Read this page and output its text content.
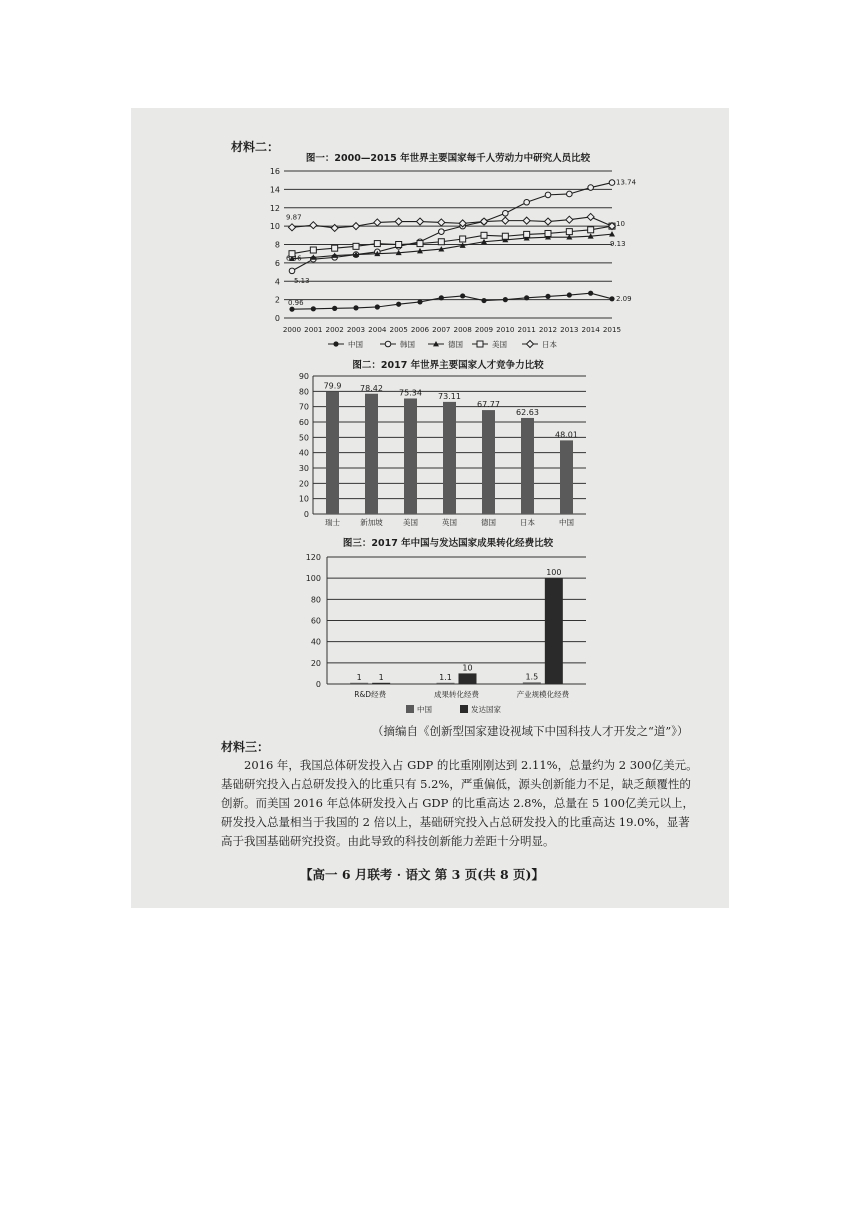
材料二：
图一：2000—2015 年世界主要国家每千人劳动力中研究人员比较
0
2
4
6
8
10
12
14
16
2000 2001 2002 2003 2004 2005 2006 2007 2008 2009 2010 2011 2012 2013 2014 2015
9.87
6.46
5.13
0.96
13.74
10
9.13
2.09
中国	韩国	德国	美国	日本
图二：2017 年世界主要国家人才竞争力比较
0
10
20
30
40
50
60
70
80
90
79.9
瑞士
78.42
新加坡
75.34
美国
73.11
英国
67.77
德国
62.63
日本
48.01
中国
图三：2017 年中国与发达国家成果转化经费比较
0
20
40
60
80
100
120
1 1
R&D经费
1.1
10
成果转化经费
1.5
100
产业规模化经费
中国	发达国家
（摘编自《创新型国家建设视域下中国科技人才开发之“道”》）
材料三：

2016 年，我国总体研发投入占 GDP 的比重刚刚达到 2.11%，总量约为 2 300亿美元。基础研究投入占总研发投入的比重只有 5.2%，严重偏低，源头创新能力不足，缺乏颠覆性的创新。而美国 2016 年总体研发投入占 GDP 的比重高达 2.8%，总量在 5 100亿美元以上，研发投入总量相当于我国的 2 倍以上，基础研究投入占总研发投入的比重高达 19.0%，显著高于我国基础研究投资。由此导致的科技创新能力差距十分明显。

【高一 6 月联考 · 语文 第 3 页(共 8 页)】
